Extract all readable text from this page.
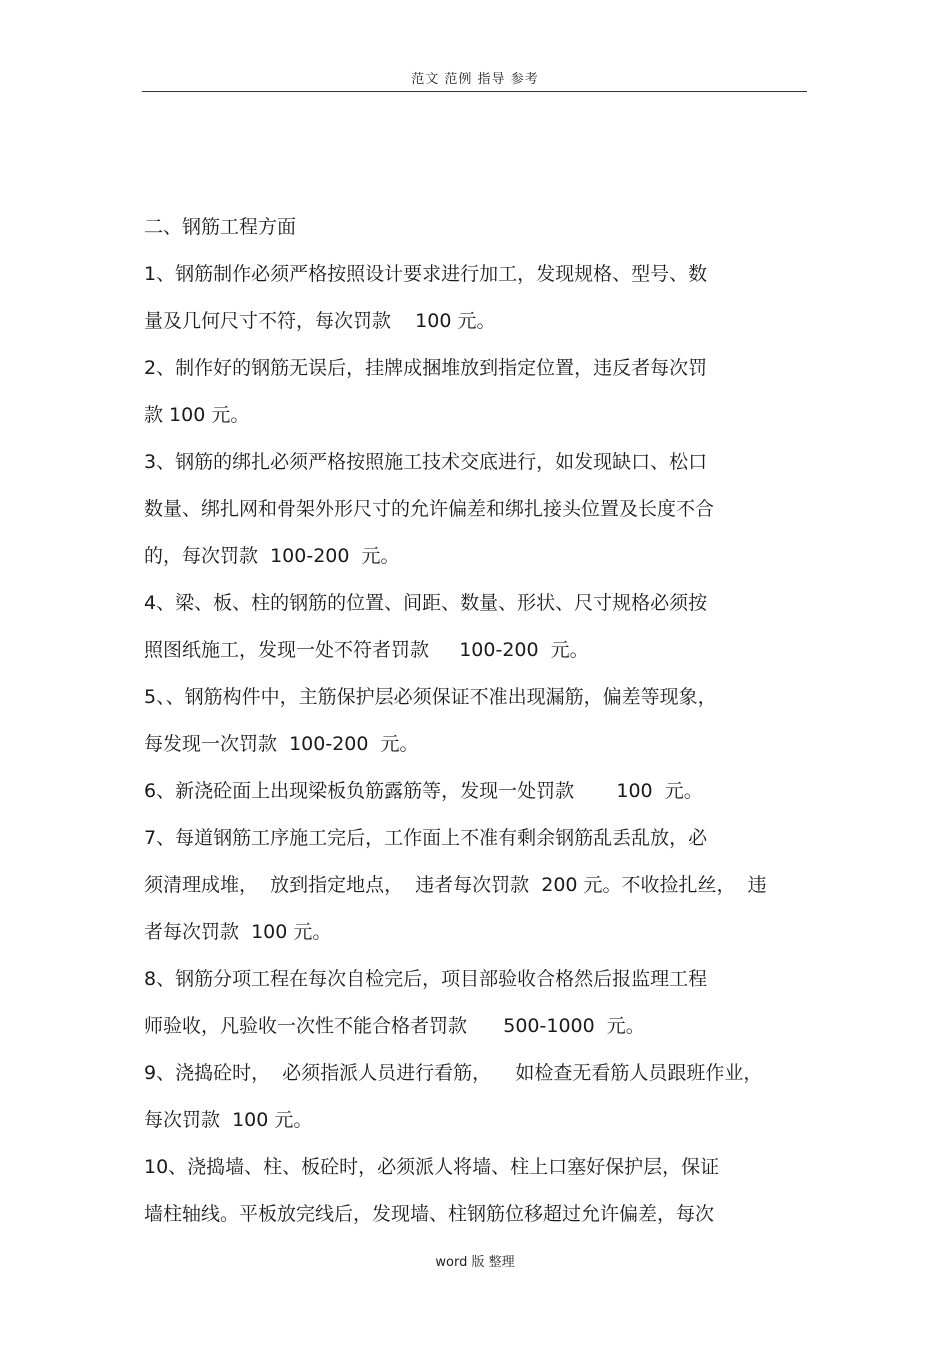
范文 范例 指导 参考
二、钢筋工程方面
1、钢筋制作必须严格按照设计要求进行加工，发现规格、型号、数
量及几何尺寸不符，每次罚款    100 元。
2、制作好的钢筋无误后，挂牌成捆堆放到指定位置，违反者每次罚
款 100 元。
3、钢筋的绑扎必须严格按照施工技术交底进行，如发现缺口、松口
数量、绑扎网和骨架外形尺寸的允许偏差和绑扎接头位置及长度不合
的，每次罚款  100-200  元。
4、梁、板、柱的钢筋的位置、间距、数量、形状、尺寸规格必须按
照图纸施工，发现一处不符者罚款     100-200  元。
5、、钢筋构件中，主筋保护层必须保证不准出现漏筋，偏差等现象，
每发现一次罚款  100-200  元。
6、新浇砼面上出现梁板负筋露筋等，发现一处罚款       100  元。
7、每道钢筋工序施工完后，工作面上不准有剩余钢筋乱丢乱放，必
须清理成堆，  放到指定地点，  违者每次罚款  200 元。不收捡扎丝，  违
者每次罚款  100 元。
8、钢筋分项工程在每次自检完后，项目部验收合格然后报监理工程
师验收，凡验收一次性不能合格者罚款      500-1000  元。
9、浇捣砼时，  必须指派人员进行看筋，    如检查无看筋人员跟班作业，
每次罚款  100 元。
10、浇捣墙、柱、板砼时，必须派人将墙、柱上口塞好保护层，保证
墙柱轴线。平板放完线后，发现墙、柱钢筋位移超过允许偏差，每次
word 版 整理
